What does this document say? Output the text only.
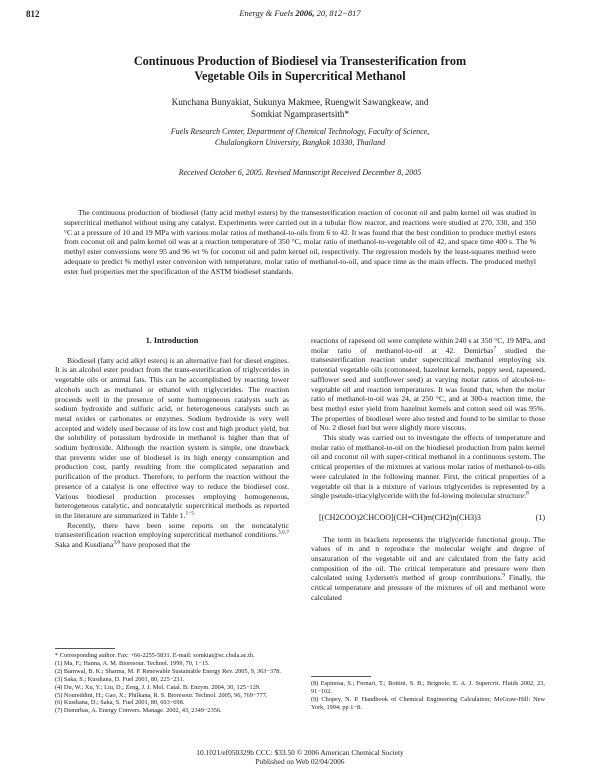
812	Energy & Fuels 2006, 20, 812−817
Continuous Production of Biodiesel via Transesterification from
Vegetable Oils in Supercritical Methanol
Kunchana Bunyakiat, Sukunya Makmee, Ruengwit Sawangkeaw, and
Somkiat Ngamprasertsith*
Fuels Research Center, Department of Chemical Technology, Faculty of Science,
Chulalongkorn University, Bangkok 10330, Thailand
Received October 6, 2005. Revised Manuscript Received December 8, 2005
The continuous production of biodiesel (fatty acid methyl esters) by the transesterification reaction of coconut oil and palm kernel oil was studied in supercritical methanol without using any catalyst. Experiments were carried out in a tubular flow reactor, and reactions were studied at 270, 330, and 350 °C at a pressure of 10 and 19 MPa with various molar ratios of methanol-to-oils from 6 to 42. It was found that the best condition to produce methyl esters from coconut oil and palm kernel oil was at a reaction temperature of 350 °C, molar ratio of methanol-to-vegetable oil of 42, and space time 400 s. The % methyl ester conversions were 95 and 96 wt % for coconut oil and palm kernel oil, respectively. The regression models by the least-squares method were adequate to predict % methyl ester conversion with temperature, molar ratio of methanol-to-oil, and space time as the main effects. The produced methyl ester fuel properties met the specification of the ASTM biodiesel standards.
1. Introduction

Biodiesel (fatty acid alkyl esters) is an alternative fuel for diesel engines. It is an alcohol ester product from the trans-esterification of triglycerides in vegetable oils or animal fats. This can be accomplished by reacting lower alcohols such as methanol or ethanol with triglycerides. The reaction proceeds well in the presence of some homogeneous catalysts such as sodium hydroxide and sulfuric acid, or heterogeneous catalysts such as metal oxides or carbonates or enzymes. Sodium hydroxide is very well accepted and widely used because of its low cost and high product yield, but the solubility of potassium hydroxide in methanol is higher than that of sodium hydroxide. Although the reaction system is simple, one drawback that prevents wider use of biodiesel is its high energy consumption and production cost, partly resulting from the complicated separation and purification of the product. Therefore, to perform the reaction without the presence of a catalyst is one effective way to reduce the biodiesel cost. Various biodiesel production processes employing homogeneous, heterogeneous catalytic, and noncatalytic supercritical methods as reported in the literature are summarized in Table 1.$^{1-5}$

Recently, there have been some reports on the noncatalytic transesterification reaction employing supercritical methanol conditions.$^{3,6,7}$ Saka and Kusdiana$^{3,6}$ have proposed that the

reactions of rapeseed oil were complete within 240 s at 350 °C, 19 MPa, and molar ratio of methanol-to-oil at 42. Demirbas$^7$ studied the transesterification reaction under supercritical methanol employing six potential vegetable oils (cottonseed, hazelnut kernels, poppy seed, rapeseed, safflower seed and sunflower seed) at varying molar ratios of alcohol-to-vegetable oil and reaction temperatures. It was found that, when the molar ratio of methanol-to-oil was 24, at 250 °C, and at 300-s reaction time, the best methyl ester yield from hazelnut kernels and cotton seed oil was 95%. The properties of biodiesel were also tested and found to be similar to those of No. 2 diesel fuel but were slightly more viscous.

This study was carried out to investigate the effects of temperature and molar ratio of methanol-to-oil on the biodiesel production from palm kernel oil and coconut oil with super-critical methanol in a continuous system. The critical properties of the mixtures at various molar ratios of methanol-to-oils were calculated in the following manner. First, the critical properties of a vegetable oil that is a mixture of various triglycerides is represented by a single pseudo-triacylglyceride with the fol-lowing molecular structure:$^8$

[(CH2COO)2CHCOO](CH=CH)m(CH2)n(CH3)3	(1)

The term in brackets represents the triglyceride functional group. The values of m and n reproduce the molecular weight and degree of unsaturation of the vegetable oil and are calculated from the fatty acid composition of the oil. The critical temperature and pressure were then calculated using Lydersen's method of group contributions.$^9$ Finally, the critical temperature and pressure of the mixtures of oil and methanol were calculated

* Corresponding author. Fax: +66-2255-5831. E-mail: somkiat@sc.chula.ac.th.

(1) Ma, F.; Hanna, A. M. Bioresour. Technol. 1999, 70, 1−15.

(2) Barnwal, B. K.; Sharma, M. P. Renewable Sustainable Energy Rev. 2005, 9, 363−378.

(3) Saka, S.; Kusdiana, D. Fuel 2001, 80, 225−231.

(4) Du, W.; Xu, Y.; Liu, D.; Zeng, J. J. Mol. Catal. B: Enzym. 2004, 30, 125−129.

(5) Noureddini, H.; Gao, X.; Philkana, R. S. Bioresour. Technol. 2005, 96, 769−777.

(6) Kusdiana, D.; Saka, S. Fuel 2001, 80, 693−698.

(7) Demirbas, A. Energy Convers. Manage. 2002, 43, 2349−2356.

(8) Espinosa, S.; Fornari, T.; Bottini, S. B.; Brignole, E. A. J. Supercrit. Fluids 2002, 23, 91−102.

(9) Chopey, N. P. Handbook of Chemical Engineering Calculation; McGraw-Hill: New York, 1994; pp 1−8.

10.1021/ef050329b CCC: $33.50 © 2006 American Chemical Society
Published on Web 02/04/2006
